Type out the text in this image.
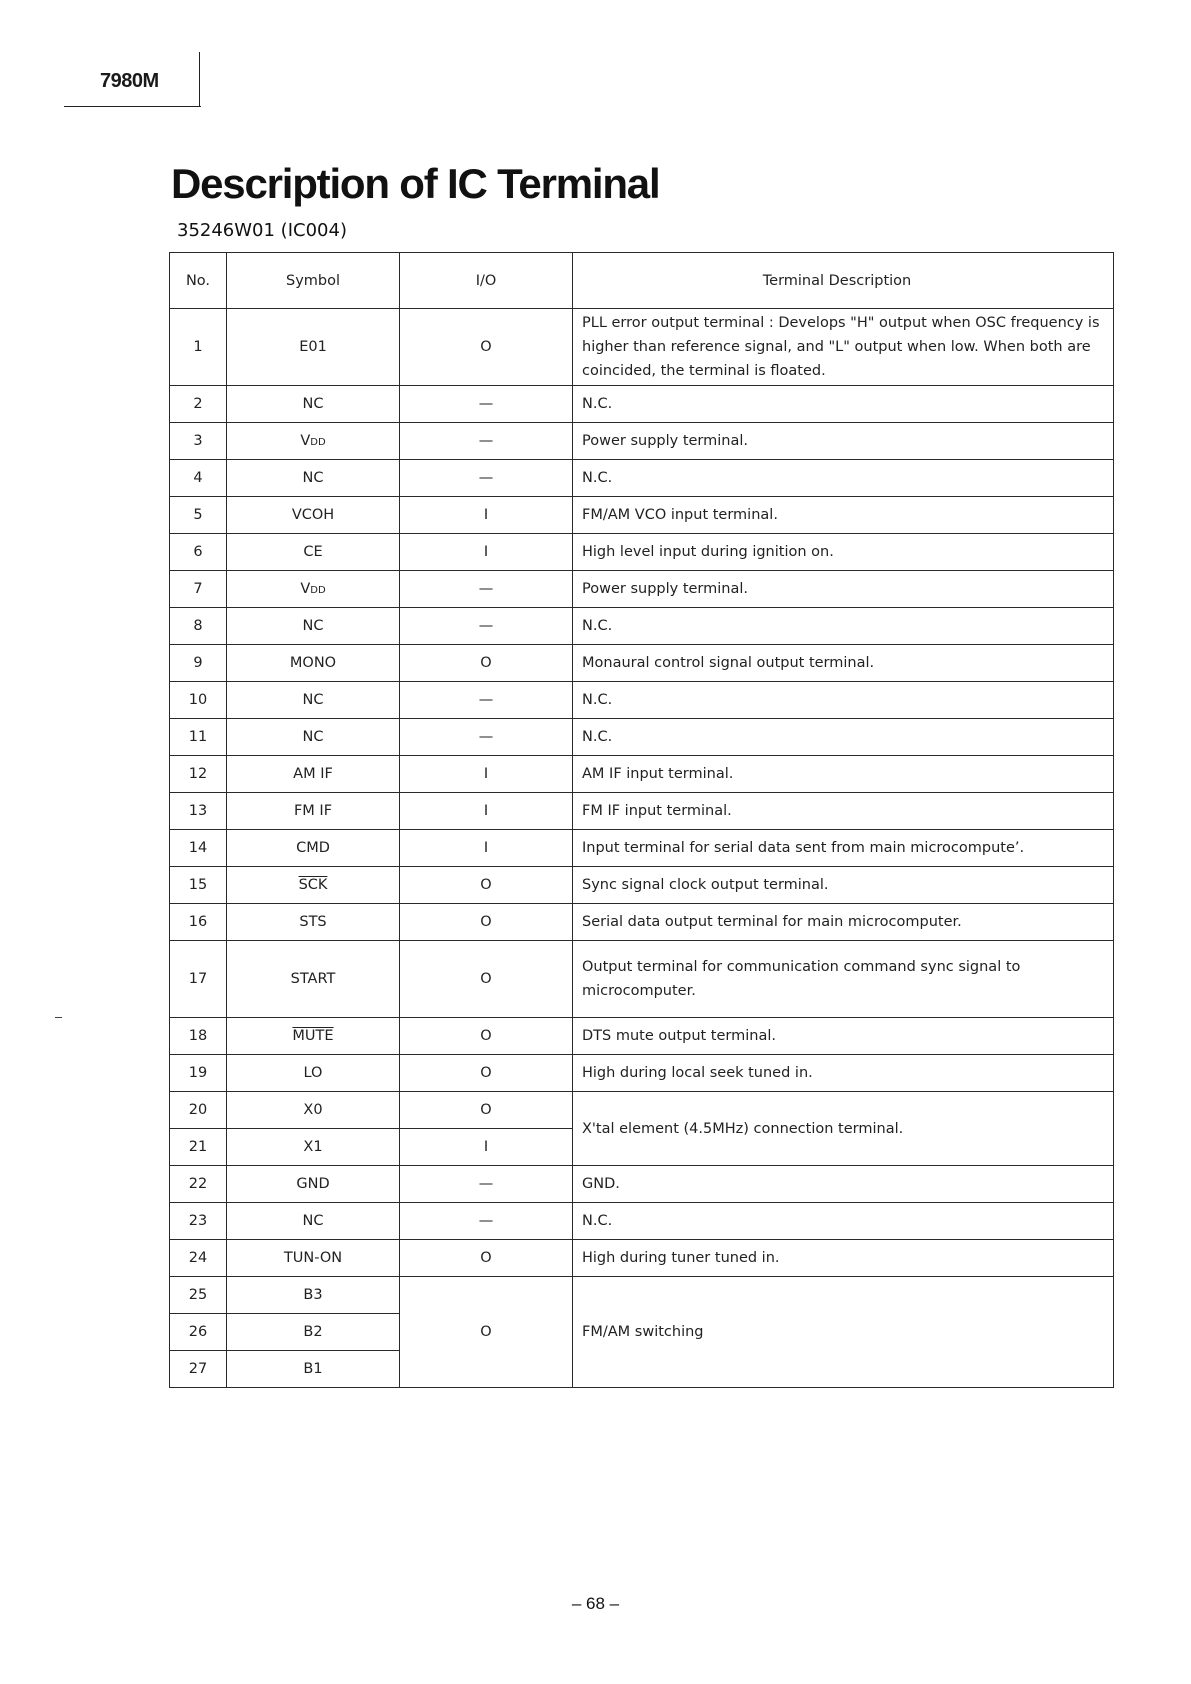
7980M
Description of IC Terminal
35246W01 (IC004)
No.	Symbol	I/O	Terminal Description
1	E01	O	PLL error output terminal : Develops "H" output when OSC frequency is higher than reference signal, and "L" output when low. When both are coincided, the terminal is floated.
2	NC	—	N.C.
3	VDD	—	Power supply terminal.
4	NC	—	N.C.
5	VCOH	I	FM/AM VCO input terminal.
6	CE	I	High level input during ignition on.
7	VDD	—	Power supply terminal.
8	NC	—	N.C.
9	MONO	O	Monaural control signal output terminal.
10	NC	—	N.C.
11	NC	—	N.C.
12	AM IF	I	AM IF input terminal.
13	FM IF	I	FM IF input terminal.
14	CMD	I	Input terminal for serial data sent from main microcompute’.
15	$\overline{SCK}$	O	Sync signal clock output terminal.
16	STS	O	Serial data output terminal for main microcomputer.
17	START	O	Output terminal for communication command sync signal to microcomputer.
18	MUTE	O	DTS mute output terminal.
19	LO	O	High during local seek tuned in.
20	X0	O	X'tal element (4.5MHz) connection terminal.
21	X1	I	
22	GND	—	GND.
23	NC	—	N.C.
24	TUN-ON	O	High during tuner tuned in.
25	B3	O	FM/AM switching
26	B2		
27	B1		
– 68 –
